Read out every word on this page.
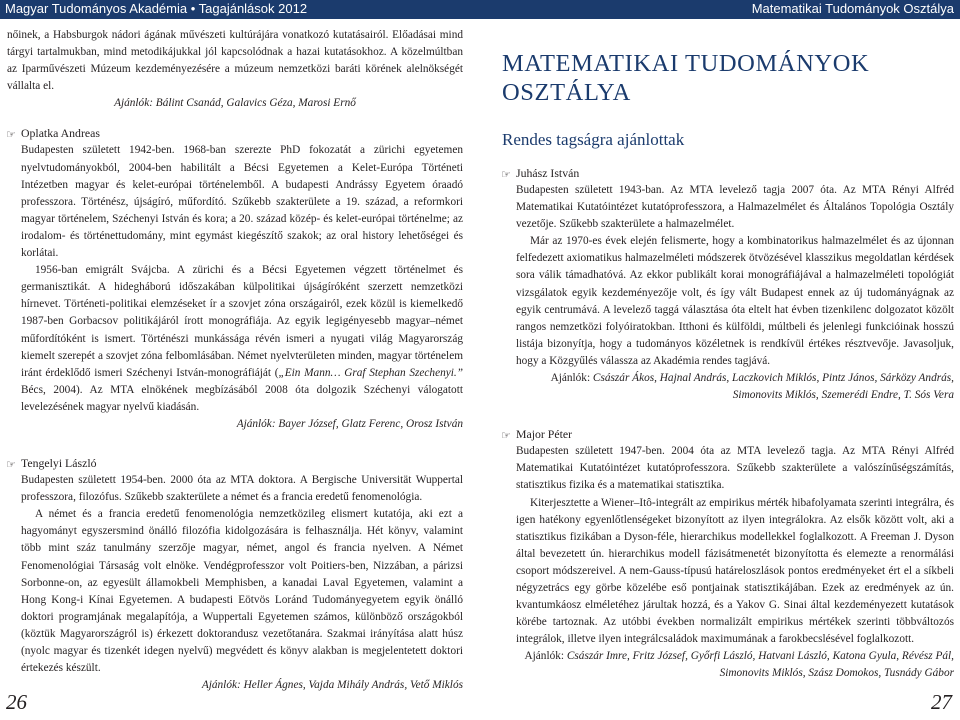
Magyar Tudományos Akadémia • Tagajánlások 2012	Matematikai Tudományok Osztálya

nőinek, a Habsburgok nádori ágának művészeti kultúrájára vonatkozó kutatásairól. Előadásai mind tárgyi tartalmukban, mind metodikájukkal jól kapcsolódnak a hazai kutatásokhoz. A közelmúltban az Iparművészeti Múzeum kezdeményezésére a múzeum nemzetközi baráti körének alelnökségét vállalta el.

Ajánlók: Bálint Csanád, Galavics Géza, Marosi Ernő
☞ Oplatka Andreas

Budapesten született 1942-ben. 1968-ban szerezte PhD fokozatát a zürichi egyetemen nyelvtudományokból, 2004-ben habilitált a Bécsi Egyetemen a Kelet-Európa Történeti Intézetben magyar és kelet-európai történelemből. A budapesti Andrássy Egyetem óraadó professzora. Történész, újságíró, műfordító. Szűkebb szakterülete a 19. század, a reformkori magyar történelem, Széchenyi István és kora; a 20. század közép- és kelet-európai történelme; az irodalom- és történettudomány, mint egymást kiegészítő szakok; az oral history lehetőségei és korlátai.

1956-ban emigrált Svájcba. A zürichi és a Bécsi Egyetemen végzett történelmet és germanisztikát. A hidegháború időszakában külpolitikai újságíróként szerzett nemzetközi hírnevet. Történeti-politikai elemzéseket ír a szovjet zóna országairól, ezek közül is kiemelkedő 1987-ben Gorbacsov politikájáról írott monográfiája. Az egyik legigényesebb magyar–német műfordítóként is ismert. Történészi munkássága révén ismeri a nyugati világ Magyarország kiemelt szerepét a szovjet zóna felbomlásában. Német nyelvterületen minden, magyar történelem iránt érdeklődő ismeri Széchenyi István-monográfiáját („Ein Mann… Graf Stephan Szechenyi.” Bécs, 2004). Az MTA elnökének megbízásából 2008 óta dolgozik Széchenyi válogatott levelezésének magyar nyelvű kiadásán.

Ajánlók: Bayer József, Glatz Ferenc, Orosz István
☞ Tengelyi László

Budapesten született 1954-ben. 2000 óta az MTA doktora. A Bergische Universität Wuppertal professzora, filozófus. Szűkebb szakterülete a német és a francia eredetű fenomenológia.

A német és a francia eredetű fenomenológia nemzetközileg elismert kutatója, aki ezt a hagyományt egyszersmind önálló filozófia kidolgozására is felhasználja. Hét könyv, valamint több mint száz tanulmány szerzője magyar, német, angol és francia nyelven. A Német Fenomenológiai Társaság volt elnöke. Vendégprofesszor volt Poitiers-ben, Nizzában, a párizsi Sorbonne-on, az egyesült államokbeli Memphisben, a kanadai Laval Egyetemen, valamint a Hong Kong-i Kínai Egyetemen. A budapesti Eötvös Loránd Tudományegyetem egyik önálló doktori programjának megalapítója, a Wuppertali Egyetemen számos, különböző országokból (köztük Magyarországról is) érkezett doktorandusz vezetőtanára. Szakmai irányítása alatt húsz (nyolc magyar és tizenkét idegen nyelvű) megvédett és könyv alakban is megjelentetett doktori értekezés készült.

Ajánlók: Heller Ágnes, Vajda Mihály András, Vető Miklós
MATEMATIKAI TUDOMÁNYOK OSZTÁLYA
Rendes tagságra ajánlottak
☞ Juhász István

Budapesten született 1943-ban. Az MTA levelező tagja 2007 óta. Az MTA Rényi Alfréd Matematikai Kutatóintézet kutatóprofesszora, a Halmazelmélet és Általános Topológia Osztály vezetője. Szűkebb szakterülete a halmazelmélet.

Már az 1970-es évek elején felismerte, hogy a kombinatorikus halmazelmélet és az újonnan felfedezett axiomatikus halmazelméleti módszerek ötvözésével klasszikus megoldatlan kérdések sora válik támadhatóvá. Az ekkor publikált korai monográfiájával a halmazelméleti topológiát vizsgálatok egyik kezdeményezője volt, és így vált Budapest ennek az új tudományágnak az egyik centrumává. A levelező taggá választása óta eltelt hat évben tizenkilenc dolgozatot közölt rangos nemzetközi folyóiratokban. Itthoni és külföldi, múltbeli és jelenlegi funkcióinak hosszú listája bizonyítja, hogy a tudományos közéletnek is rendkívül értékes résztvevője. Javasoljuk, hogy a Közgyűlés válassza az Akadémia rendes tagjává.

Ajánlók: Császár Ákos, Hajnal András, Laczkovich Miklós, Pintz János, Sárközy András, Simonovits Miklós, Szemerédi Endre, T. Sós Vera
☞ Major Péter

Budapesten született 1947-ben. 2004 óta az MTA levelező tagja. Az MTA Rényi Alfréd Matematikai Kutatóintézet kutatóprofesszora. Szűkebb szakterülete a valószínűségszámítás, statisztikus fizika és a matematikai statisztika.

Kiterjesztette a Wiener–Itô-integrált az empirikus mérték hibafolyamata szerinti integrálra, és igen hatékony egyenlőtlenségeket bizonyított az ilyen integrálokra. Az elsők között volt, aki a statisztikus fizikában a Dyson-féle, hierarchikus modellekkel foglalkozott. A Freeman J. Dyson által bevezetett ún. hierarchikus modell fázisátmenetét bizonyította és elemezte a renormálási csoport módszereivel. A nem-Gauss-típusú határeloszlások pontos eredményeket ért el a síkbeli négyzetrács egy görbe közelébe eső pontjainak statisztikájában. Ezek az eredmények az ún. kvantumkáosz elméletéhez járultak hozzá, és a Yakov G. Sinai által kezdeményezett kutatások körébe tartoznak. Az utóbbi években normalizált empirikus mértékek szerinti többváltozós integrálok, illetve ilyen integrálcsaládok maximumának a farokbecslésével foglalkozott.

Ajánlók: Császár Imre, Fritz József, Győrfi László, Hatvani László, Katona Gyula, Révész Pál, Simonovits Miklós, Szász Domokos, Tusnády Gábor
26	27
